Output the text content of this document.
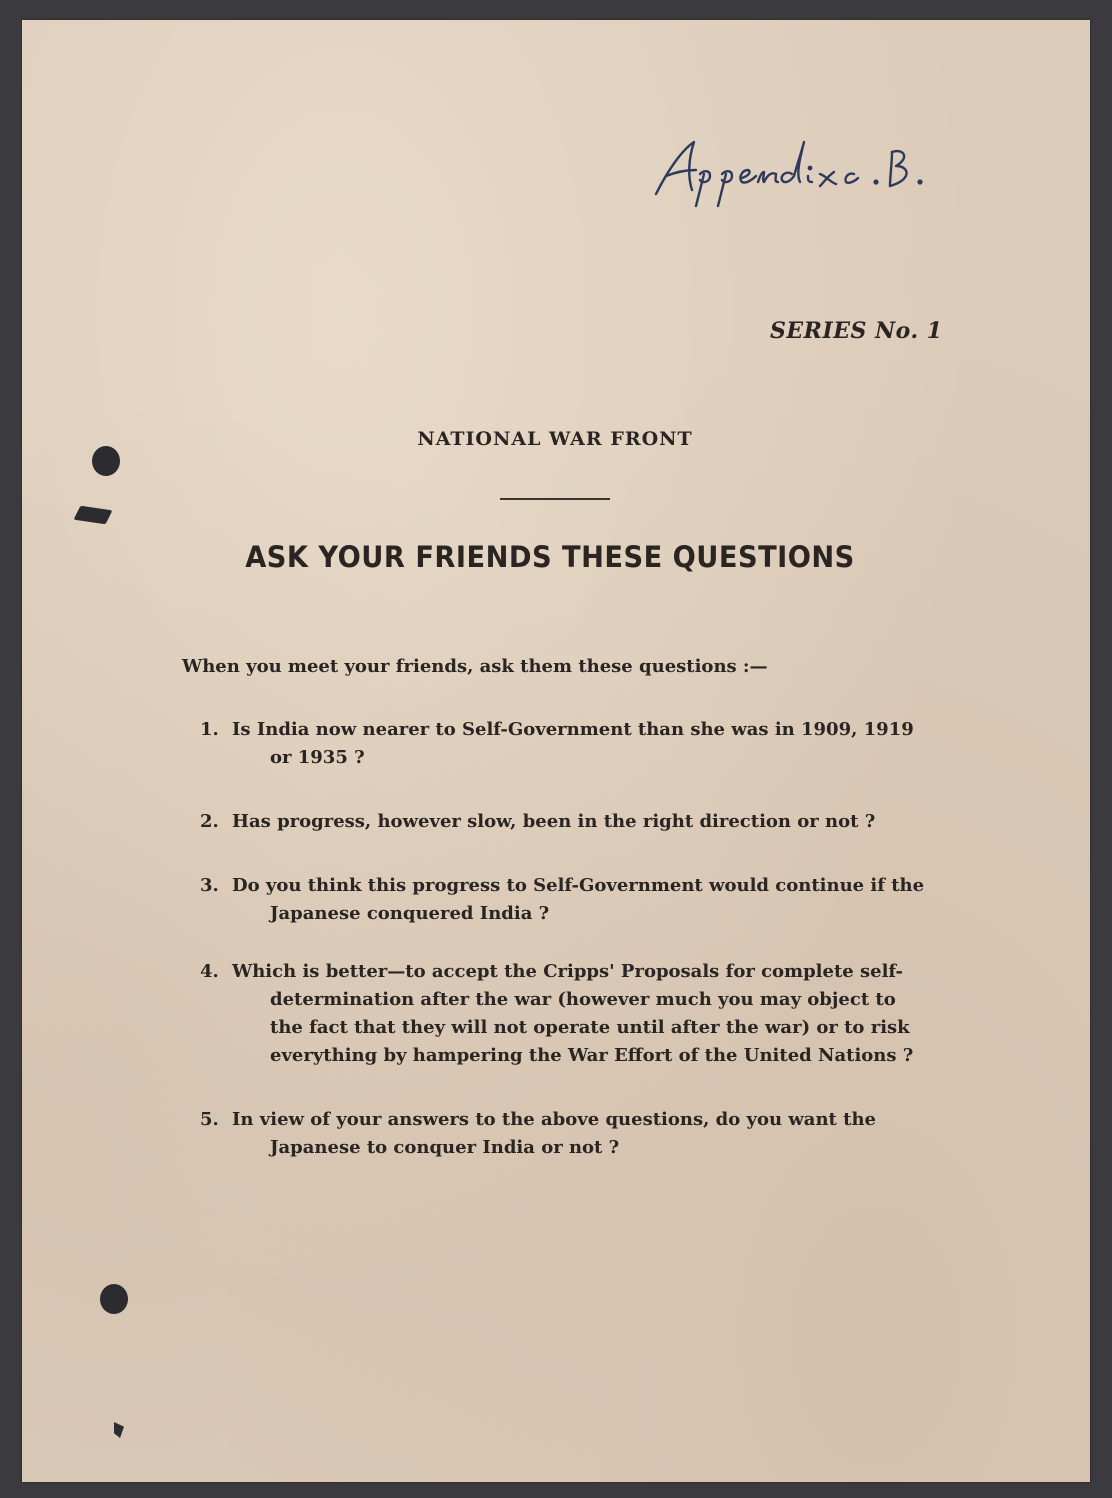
SERIES No. 1
NATIONAL WAR FRONT
ASK YOUR FRIENDS THESE QUESTIONS
When you meet your friends, ask them these questions :—
1. Is India now nearer to Self-Government than she was in 1909, 1919
or 1935 ?
2. Has progress, however slow, been in the right direction or not ?
3. Do you think this progress to Self-Government would continue if the
Japanese conquered India ?
4. Which is better—to accept the Cripps' Proposals for complete self-
determination after the war (however much you may object to
the fact that they will not operate until after the war) or to risk
everything by hampering the War Effort of the United Nations ?
5. In view of your answers to the above questions, do you want the
Japanese to conquer India or not ?
